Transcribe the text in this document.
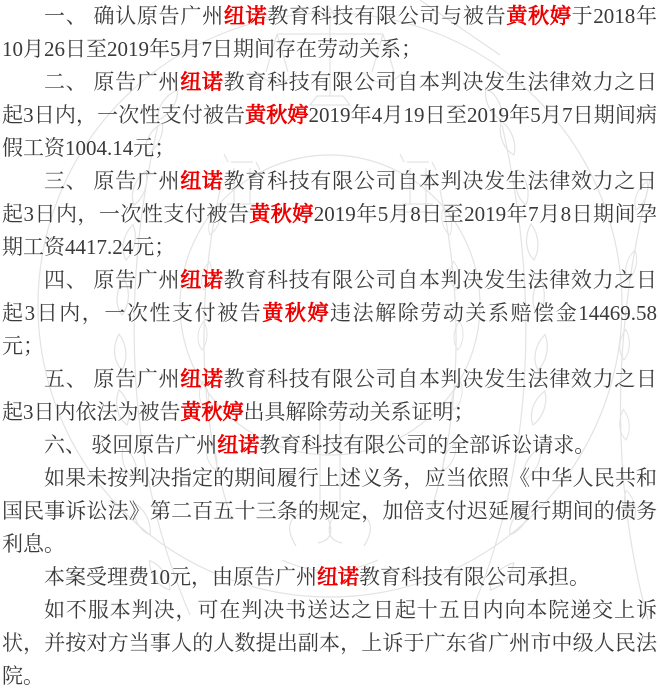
一、 确认原告广州纽诺教育科技有限公司与被告黄秋婷于2018年10月26日至2019年5月7日期间存在劳动关系；

二、 原告广州纽诺教育科技有限公司自本判决发生法律效力之日起3日内，一次性支付被告黄秋婷2019年4月19日至2019年5月7日期间病假工资1004.14元；

三、 原告广州纽诺教育科技有限公司自本判决发生法律效力之日起3日内，一次性支付被告黄秋婷2019年5月8日至2019年7月8日期间孕期工资4417.24元；

四、 原告广州纽诺教育科技有限公司自本判决发生法律效力之日起3日内，一次性支付被告黄秋婷违法解除劳动关系赔偿金14469.58元；

五、 原告广州纽诺教育科技有限公司自本判决发生法律效力之日起3日内依法为被告黄秋婷出具解除劳动关系证明；

六、 驳回原告广州纽诺教育科技有限公司的全部诉讼请求。

如果未按判决指定的期间履行上述义务，应当依照《中华人民共和国民事诉讼法》第二百五十三条的规定，加倍支付迟延履行期间的债务利息。

本案受理费10元，由原告广州纽诺教育科技有限公司承担。

如不服本判决，可在判决书送达之日起十五日内向本院递交上诉状，并按对方当事人的人数提出副本，上诉于广东省广州市中级人民法院。
